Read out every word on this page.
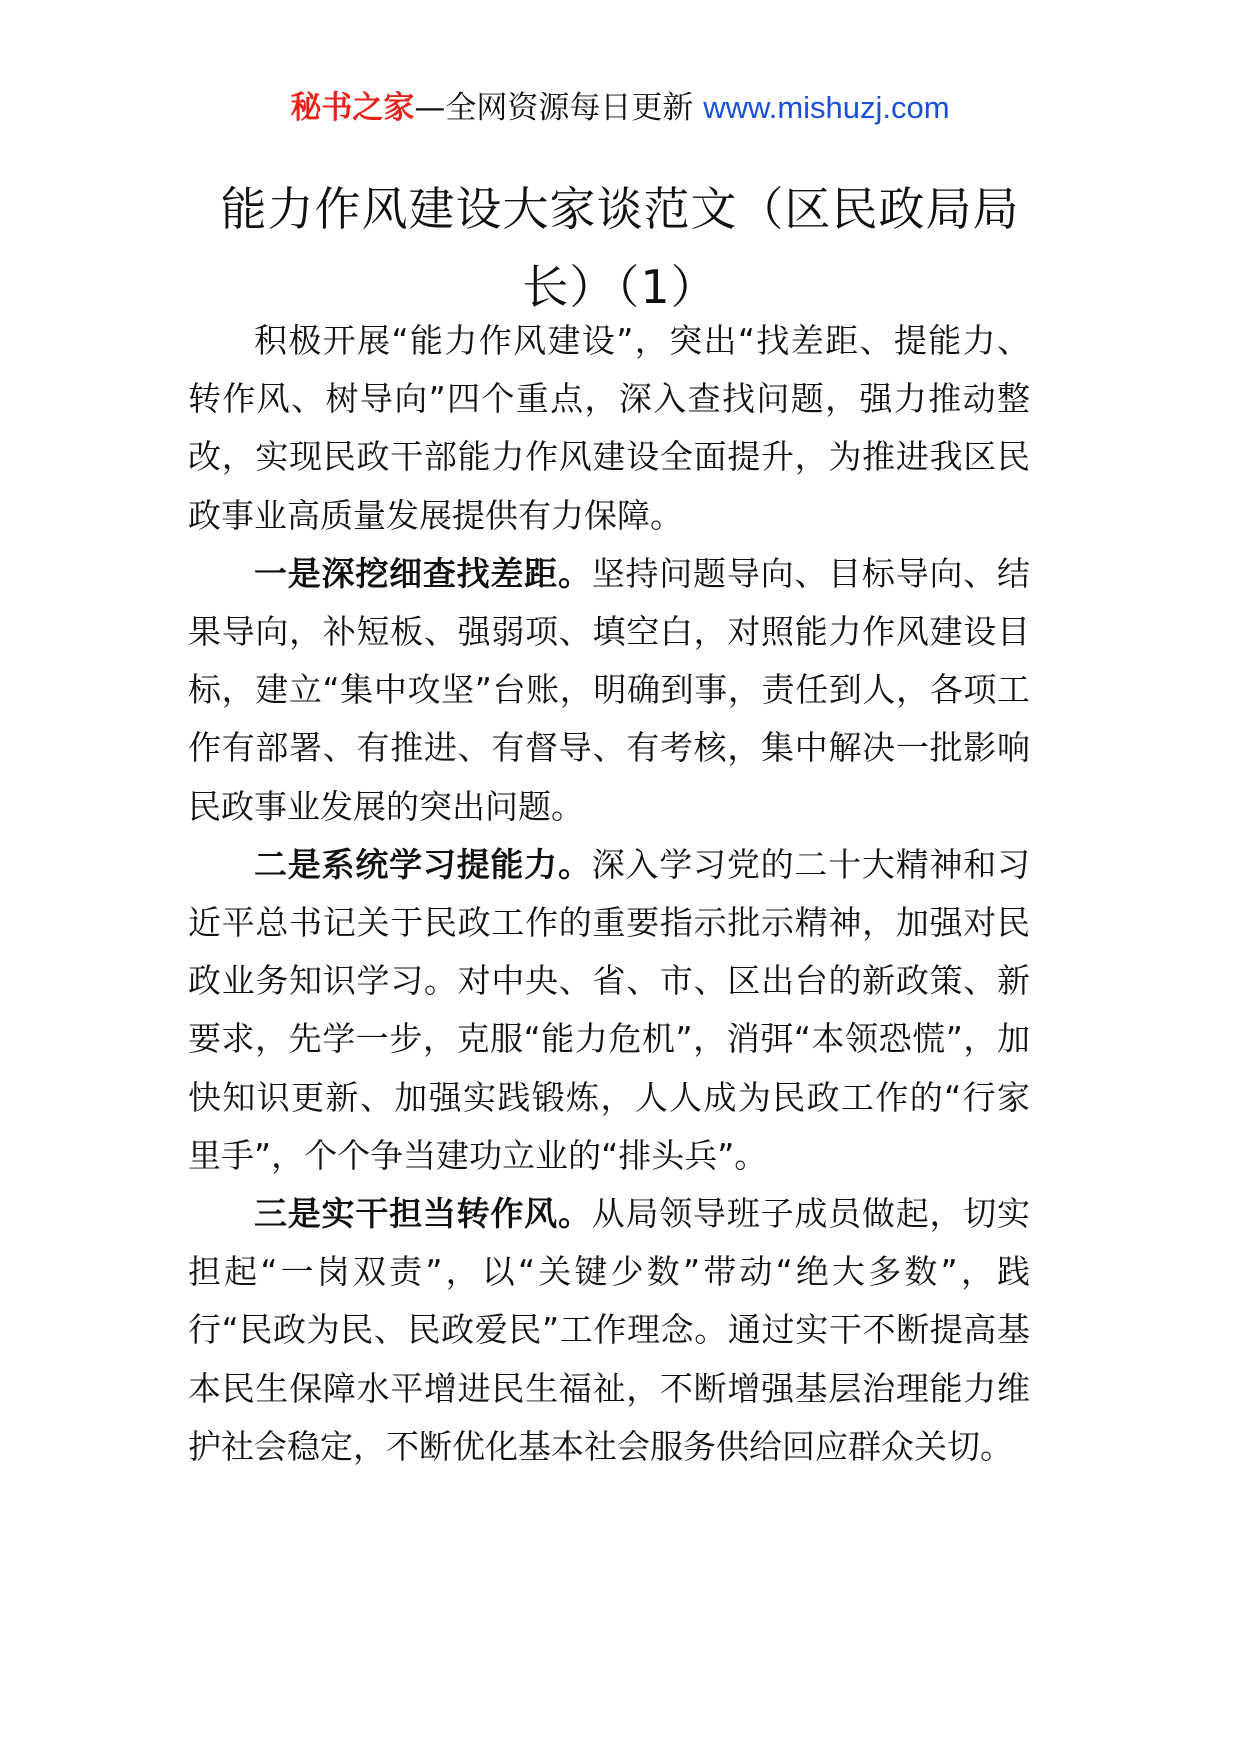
秘书之家—全网资源每日更新 www.mishuzj.com
能力作风建设大家谈范文（区民政局局长）（1）

积极开展“能力作风建设”，突出“找差距、提能力、转作风、树导向”四个重点，深入查找问题，强力推动整改，实现民政干部能力作风建设全面提升，为推进我区民政事业高质量发展提供有力保障。

一是深挖细查找差距。坚持问题导向、目标导向、结果导向，补短板、强弱项、填空白，对照能力作风建设目标，建立“集中攻坚”台账，明确到事，责任到人，各项工作有部署、有推进、有督导、有考核，集中解决一批影响民政事业发展的突出问题。

二是系统学习提能力。深入学习党的二十大精神和习近平总书记关于民政工作的重要指示批示精神，加强对民政业务知识学习。对中央、省、市、区出台的新政策、新要求，先学一步，克服“能力危机”，消弭“本领恐慌”，加快知识更新、加强实践锻炼，人人成为民政工作的“行家里手”，个个争当建功立业的“排头兵”。

三是实干担当转作风。从局领导班子成员做起，切实担起“一岗双责”，以“关键少数”带动“绝大多数”，践行“民政为民、民政爱民”工作理念。通过实干不断提高基本民生保障水平增进民生福祉，不断增强基层治理能力维护社会稳定，不断优化基本社会服务供给回应群众关切。
